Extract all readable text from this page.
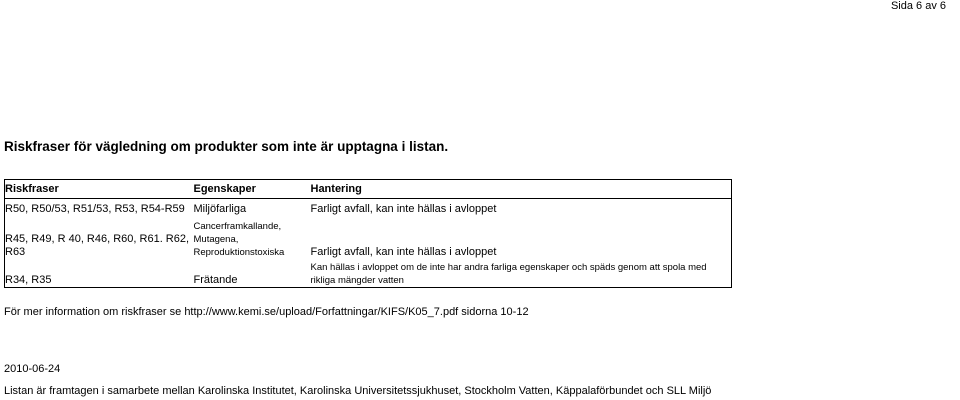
Sida 6 av 6
Riskfraser för vägledning om produkter som inte är upptagna i listan.
Riskfraser	Egenskaper	Hantering
R50, R50/53, R51/53, R53, R54-R59	Miljöfarliga	Farligt avfall, kan inte hällas i avloppet
R45, R49, R 40, R46, R60, R61. R62, R63	Cancerframkallande, Mutagena, Reproduktionstoxiska	Farligt avfall, kan inte hällas i avloppet
R34, R35	Frätande	Kan hällas i avloppet om de inte har andra farliga egenskaper och späds genom att spola med rikliga mängder vatten
För mer information om riskfraser se http://www.kemi.se/upload/Forfattningar/KIFS/K05_7.pdf sidorna 10-12
2010-06-24
Listan är framtagen i samarbete mellan Karolinska Institutet, Karolinska Universitetssjukhuset, Stockholm Vatten, Käppalaförbundet och SLL Miljö
